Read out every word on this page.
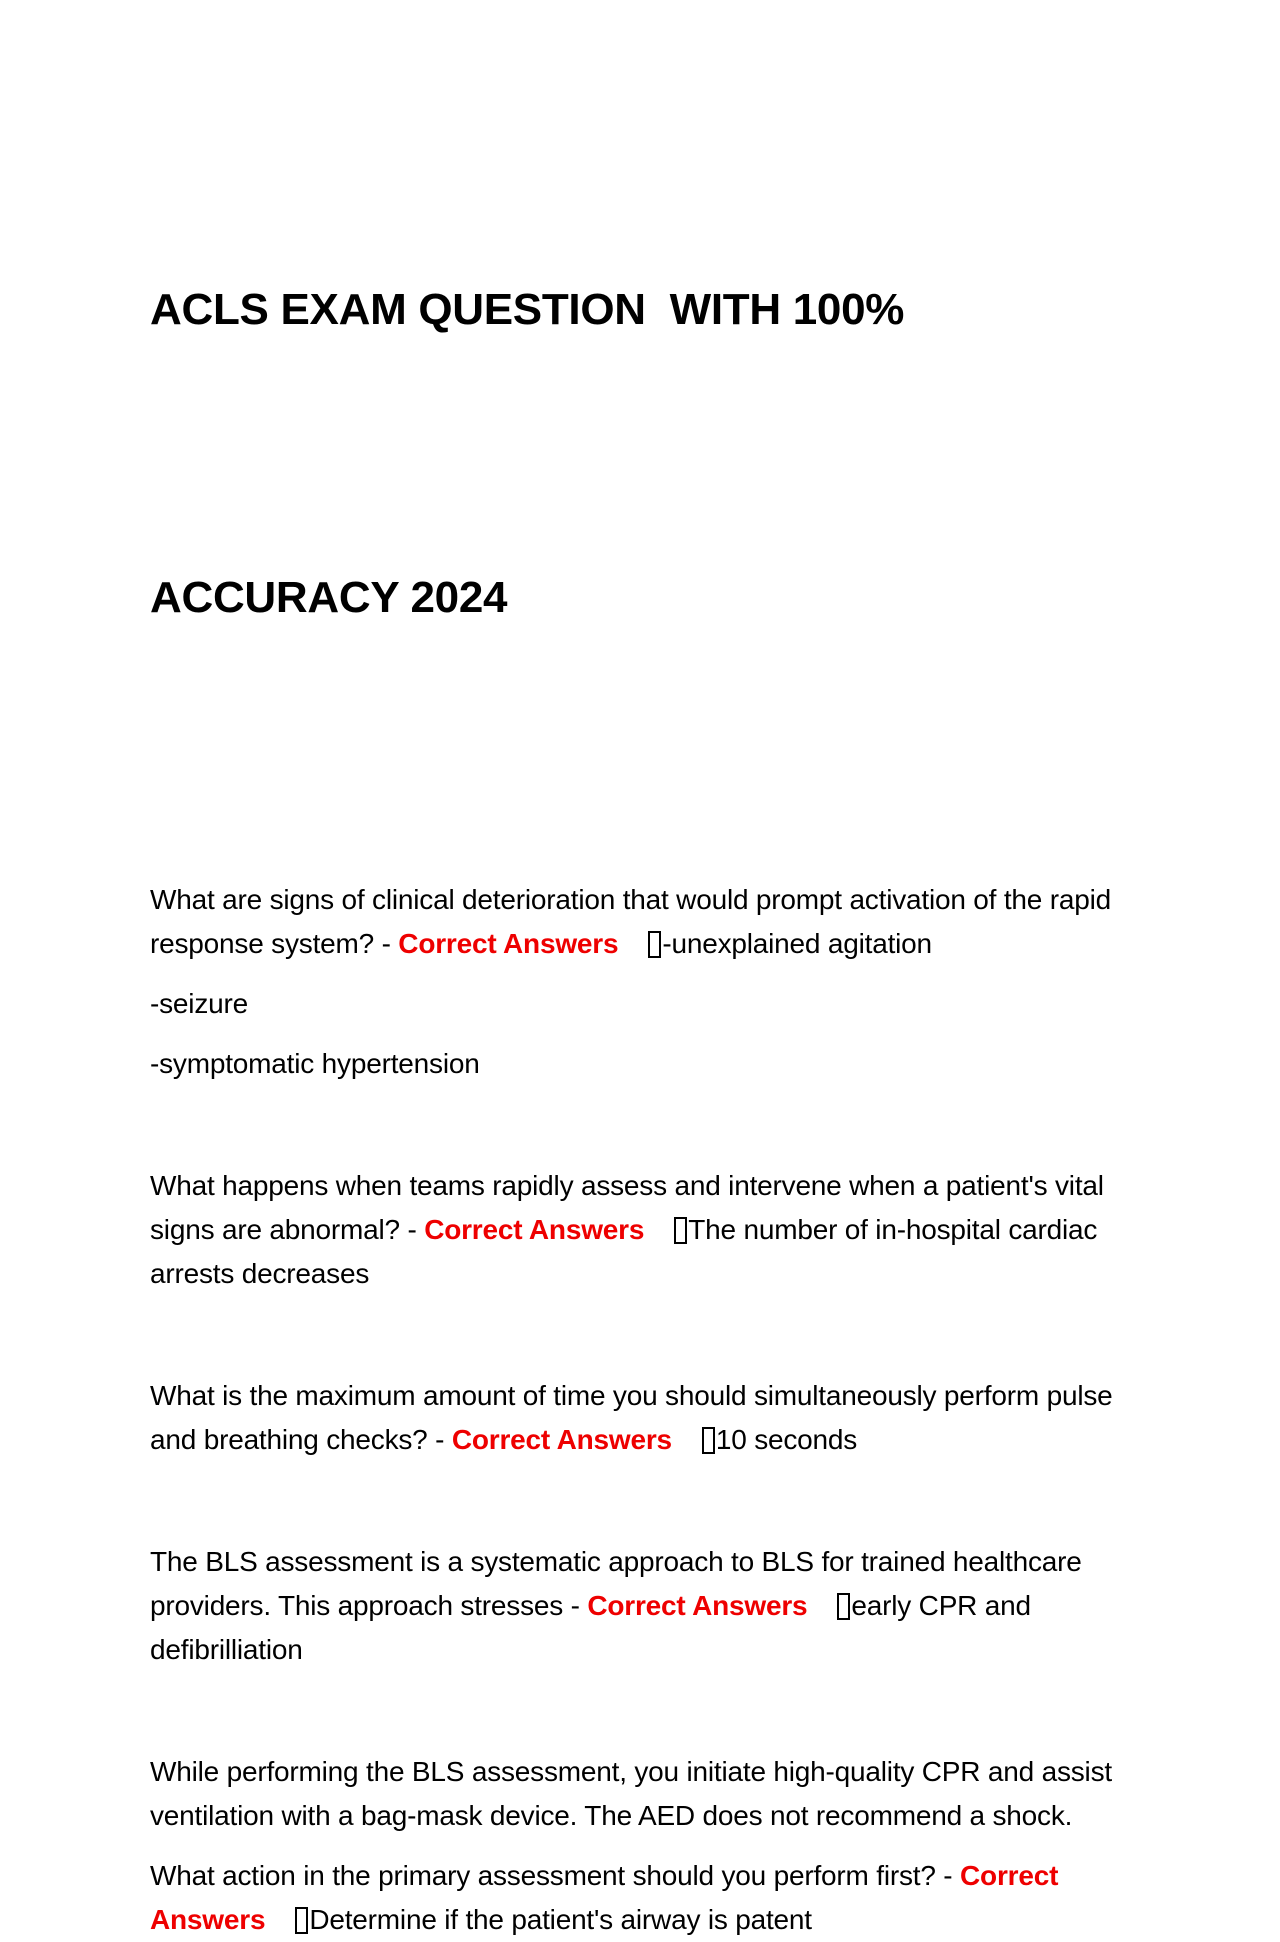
ACLS EXAM QUESTION  WITH 100%

ACCURACY 2024

What are signs of clinical deterioration that would prompt activation of the rapid response system? - Correct Answers -unexplained agitation

-seizure

-symptomatic hypertension

What happens when teams rapidly assess and intervene when a patient's vital signs are abnormal? - Correct Answers The number of in-hospital cardiac arrests decreases

What is the maximum amount of time you should simultaneously perform pulse and breathing checks? - Correct Answers 10 seconds

The BLS assessment is a systematic approach to BLS for trained healthcare providers. This approach stresses - Correct Answers early CPR and defibrilliation

While performing the BLS assessment, you initiate high-quality CPR and assist ventilation with a bag-mask device. The AED does not recommend a shock.

What action in the primary assessment should you perform first? - Correct Answers Determine if the patient's airway is patent
